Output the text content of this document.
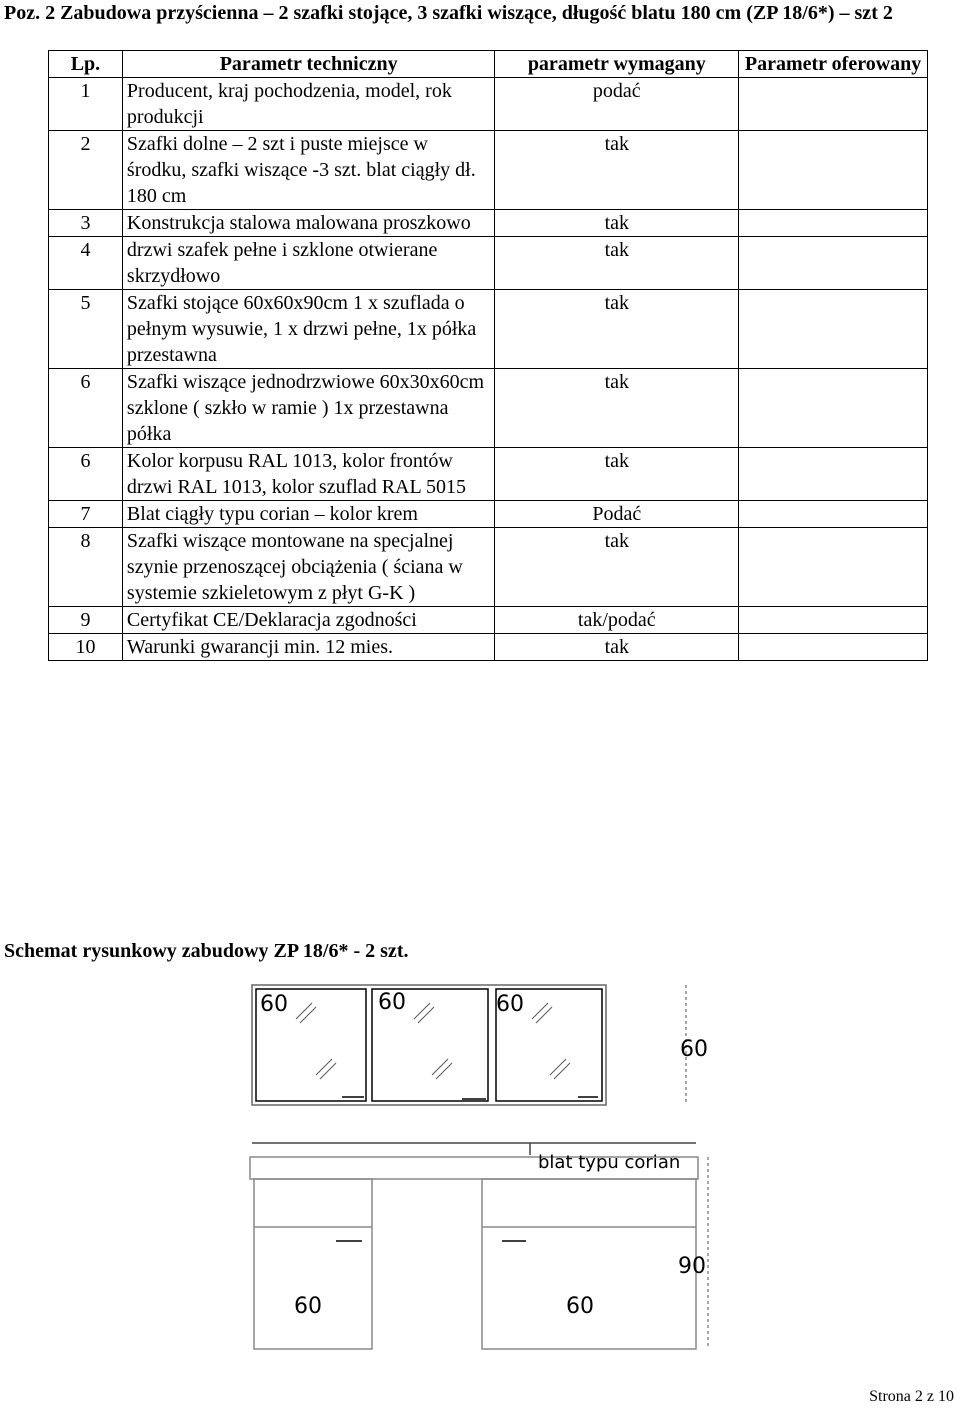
Poz. 2 Zabudowa przyścienna – 2 szafki stojące, 3 szafki wiszące, długość blatu 180 cm (ZP 18/6*) – szt 2
Lp.	Parametr techniczny	parametr wymagany	Parametr oferowany
1	Producent, kraj pochodzenia, model, rok produkcji	podać	
2	Szafki dolne – 2 szt i puste miejsce w środku, szafki wiszące -3 szt. blat ciągły dł. 180 cm	tak	
3	Konstrukcja stalowa malowana proszkowo	tak	
4	drzwi szafek pełne i szklone otwierane skrzydłowo	tak	
5	Szafki stojące 60x60x90cm 1 x szuflada o pełnym wysuwie, 1 x drzwi pełne, 1x półka przestawna	tak	
6	Szafki wiszące jednodrzwiowe 60x30x60cm szklone ( szkło w ramie ) 1x przestawna półka	tak	
6	Kolor korpusu RAL 1013, kolor frontów drzwi RAL 1013, kolor szuflad RAL 5015	tak	
7	Blat ciągły typu corian – kolor krem	Podać	
8	Szafki wiszące montowane na specjalnej szynie przenoszącej obciążenia ( ściana w systemie szkieletowym z płyt G-K )	tak	
9	Certyfikat CE/Deklaracja zgodności	tak/podać	
10	Warunki gwarancji min. 12 mies.	tak	
Schemat rysunkowy zabudowy ZP 18/6* - 2 szt.
60	60	60
60
blat typu corian
60	60
90
Strona 2 z 10
